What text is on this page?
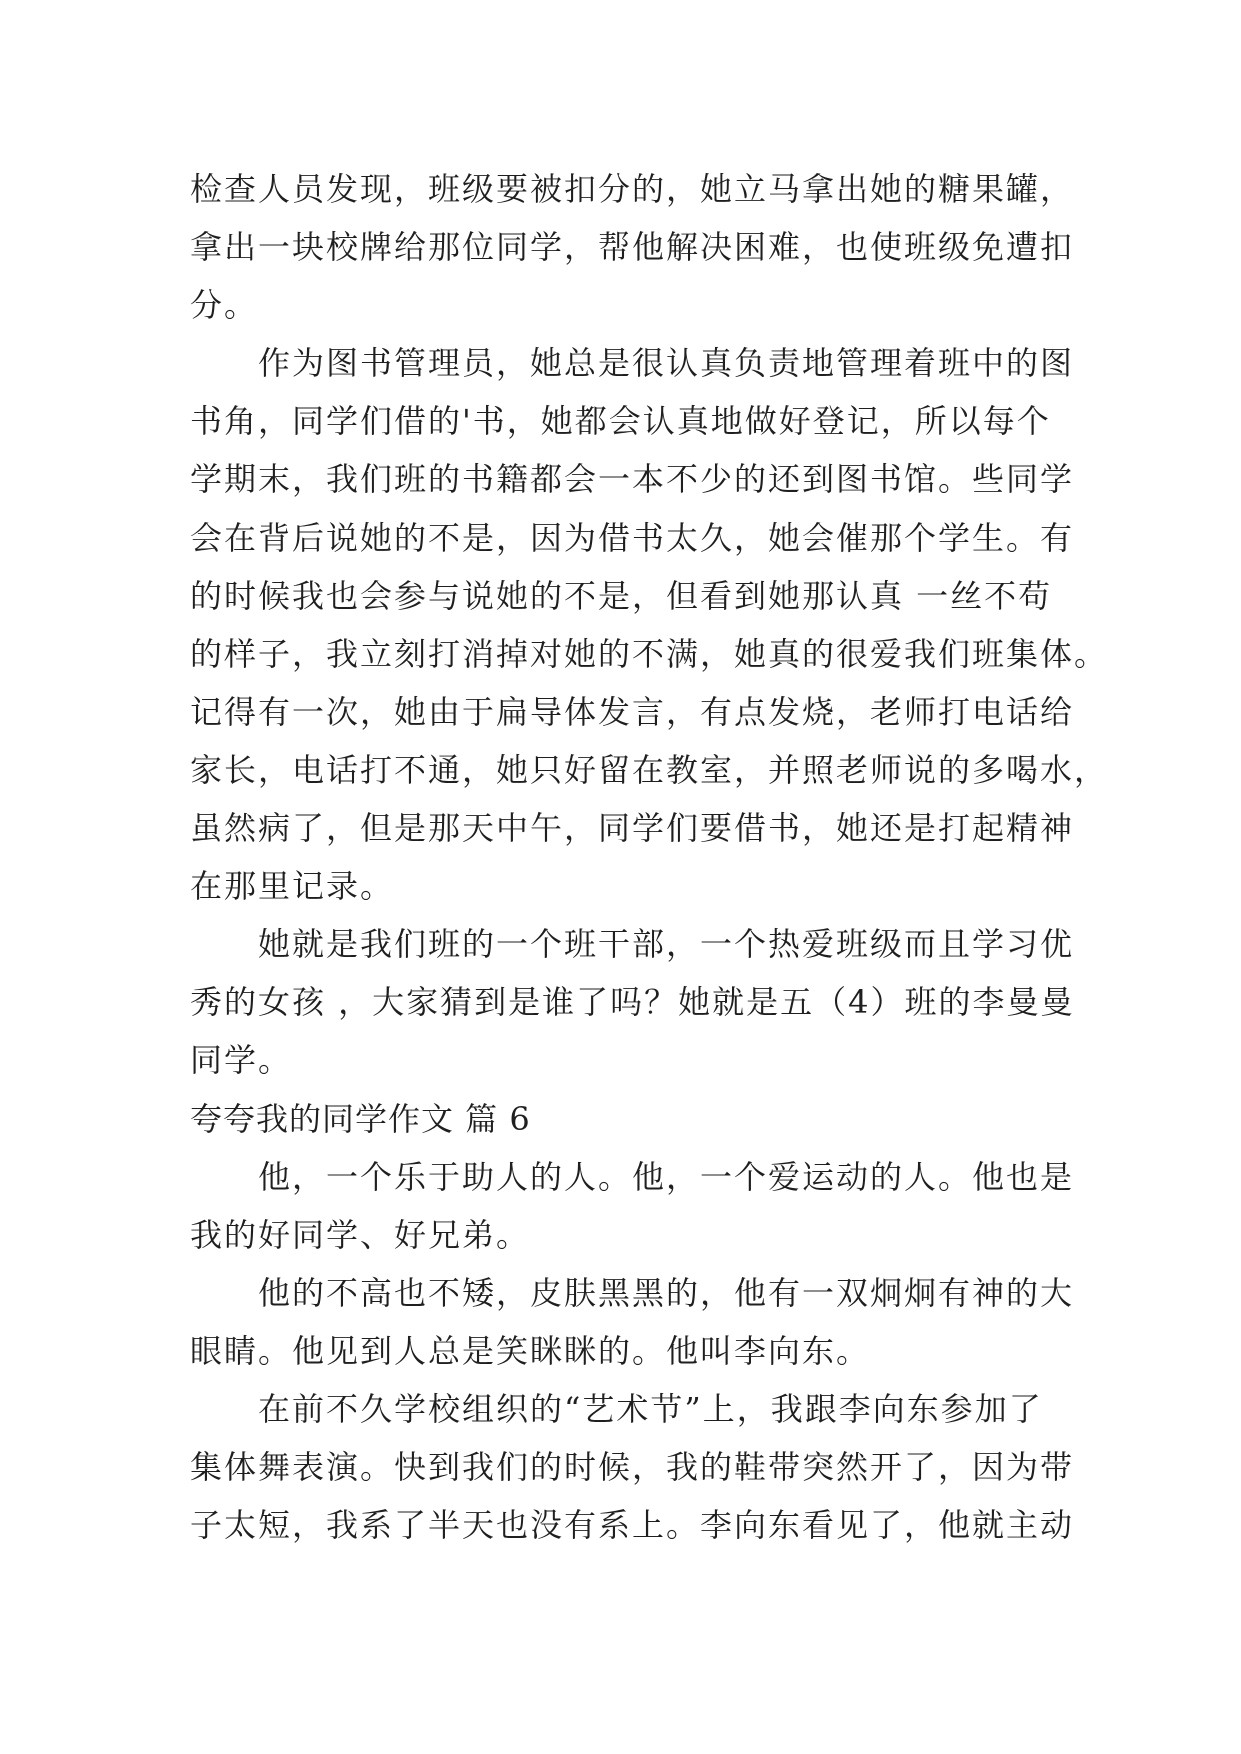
检查人员发现，班级要被扣分的，她立马拿出她的糖果罐，
拿出一块校牌给那位同学，帮他解决困难，也使班级免遭扣
分。
作为图书管理员，她总是很认真负责地管理着班中的图
书角，同学们借的'书，她都会认真地做好登记，所以每个
学期末，我们班的书籍都会一本不少的还到图书馆。些同学
会在背后说她的不是，因为借书太久，她会催那个学生。有
的时候我也会参与说她的不是，但看到她那认真 一丝不苟
的样子，我立刻打消掉对她的不满，她真的很爱我们班集体。
记得有一次，她由于扁导体发言，有点发烧，老师打电话给
家长，电话打不通，她只好留在教室，并照老师说的多喝水，
虽然病了，但是那天中午，同学们要借书，她还是打起精神
在那里记录。
她就是我们班的一个班干部，一个热爱班级而且学习优
秀的女孩 ，大家猜到是谁了吗？她就是五（4）班的李曼曼
同学。
夸夸我的同学作文 篇 6
他，一个乐于助人的人。他，一个爱运动的人。他也是
我的好同学、好兄弟。
他的不高也不矮，皮肤黑黑的，他有一双炯炯有神的大
眼睛。他见到人总是笑眯眯的。他叫李向东。
在前不久学校组织的“艺术节”上，我跟李向东参加了
集体舞表演。快到我们的时候，我的鞋带突然开了，因为带
子太短，我系了半天也没有系上。李向东看见了，他就主动
